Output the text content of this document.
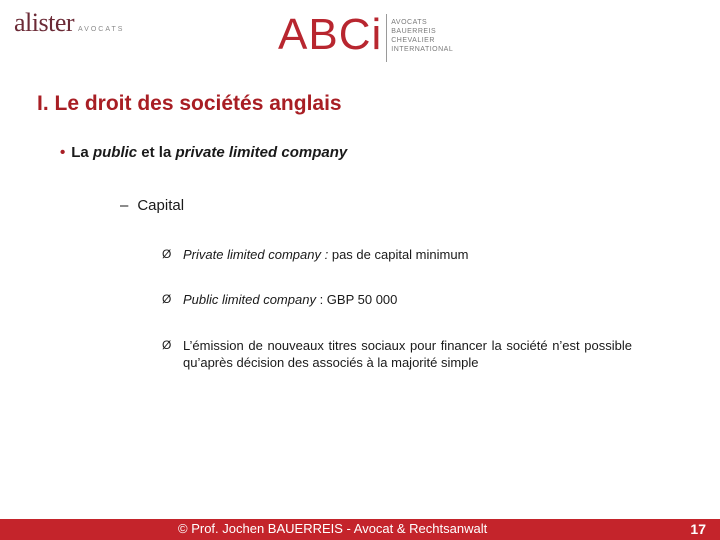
alister AVOCATS	ABCi AVOCATS
BAUERREIS
CHEVALIER
INTERNATIONAL
I. Le droit des sociétés anglais
• La public et la private limited company
– Capital
Ø Private limited company : pas de capital minimum
Ø Public limited company : GBP 50 000
Ø L’émission de nouveaux titres sociaux pour financer la société n’est possible qu’après décision des associés à la majorité simple
© Prof. Jochen BAUERREIS - Avocat & Rechtsanwalt	17
